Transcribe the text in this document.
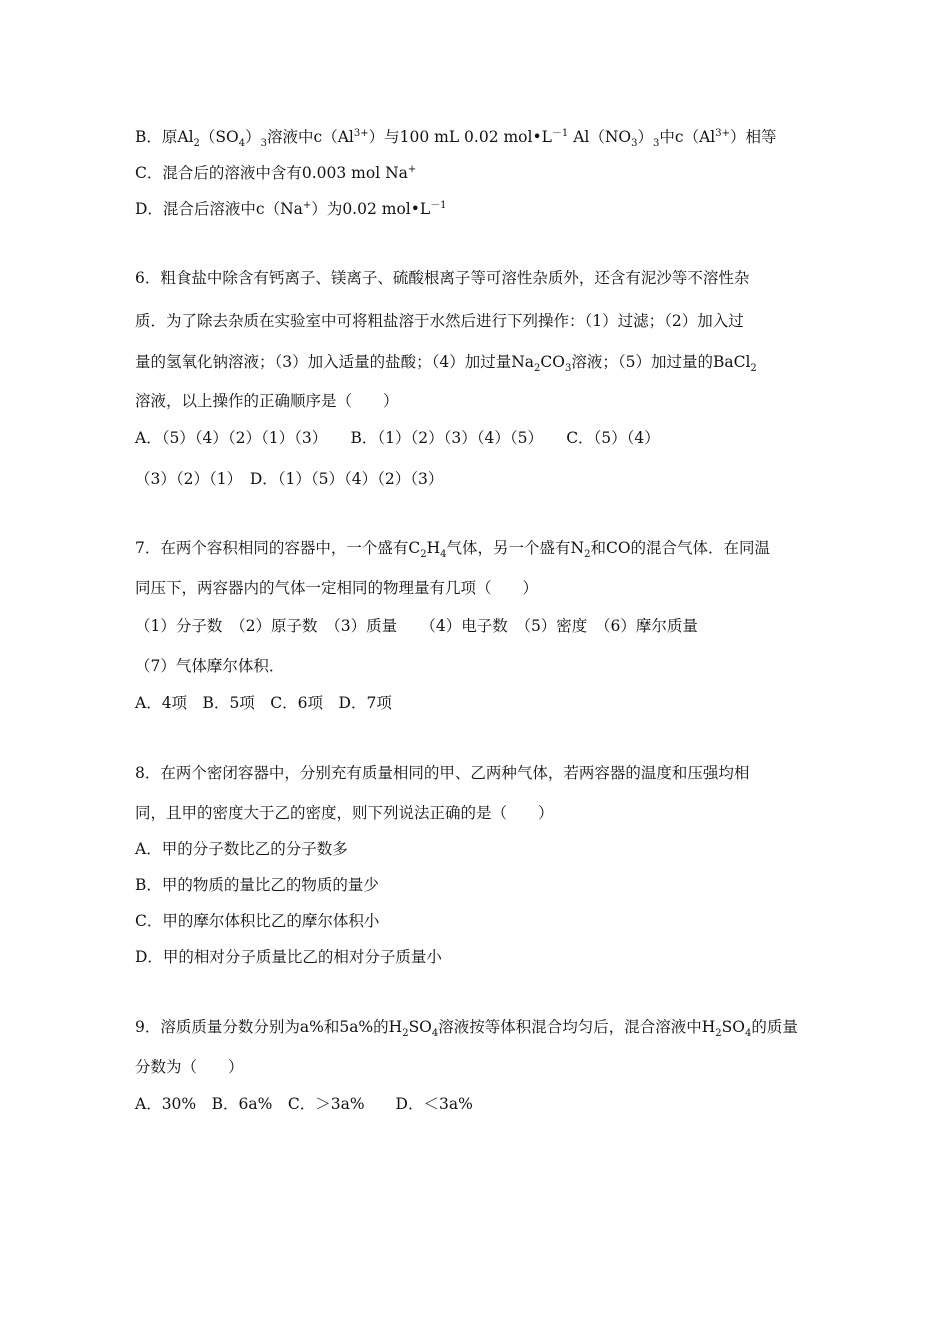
B．原$Al_2(SO_4)_3$溶液中$c(Al^{3+})$与100 mL 0.02 $mol•L^{-1}$ $Al(NO_3)_3$中$c(Al^{3+})$相等
C．混合后的溶液中含有0.003 mol Na+
D．混合后溶液中c（Na+）为0.02 $mol•L^{-1}$
6．粗食盐中除含有钙离子、镁离子、硫酸根离子等可溶性杂质外，还含有泥沙等不溶性杂
质．为了除去杂质在实验室中可将粗盐溶于水然后进行下列操作：（1）过滤；（2）加入过
量的氢氧化钠溶液；（3）加入适量的盐酸；（4）加过量$Na_2CO_3$溶液；（5）加过量的BaCl$_2$
溶液，以上操作的正确顺序是（　　）
A．（5）（4）（2）（1）（3）　　B．（1）（2）（3）（4）（5）　　C．（5）（4）
（3）（2）（1）　D．（1）（5）（4）（2）（3）
7．在两个容积相同的容器中，一个盛有$C_2H_4$气体，另一个盛有$N_2$和CO的混合气体．在同温
同压下，两容器内的气体一定相同的物理量有几项（　　）
（1）分子数　（2）原子数　（3）质量　　（4）电子数　（5）密度　（6）摩尔质量
（7）气体摩尔体积．
A．4项　B．5项　C．6项　D．7项
8．在两个密闭容器中，分别充有质量相同的甲、乙两种气体，若两容器的温度和压强均相
同，且甲的密度大于乙的密度，则下列说法正确的是（　　）
A．甲的分子数比乙的分子数多
B．甲的物质的量比乙的物质的量少
C．甲的摩尔体积比乙的摩尔体积小
D．甲的相对分子质量比乙的相对分子质量小
9．溶质质量分数分别为a%和5a%的$H_2SO_4$溶液按等体积混合均匀后，混合溶液中$H_2SO_4$的质量
分数为（　　）
A．30%　B．6a%　C．＞3a%　　D．＜3a%
